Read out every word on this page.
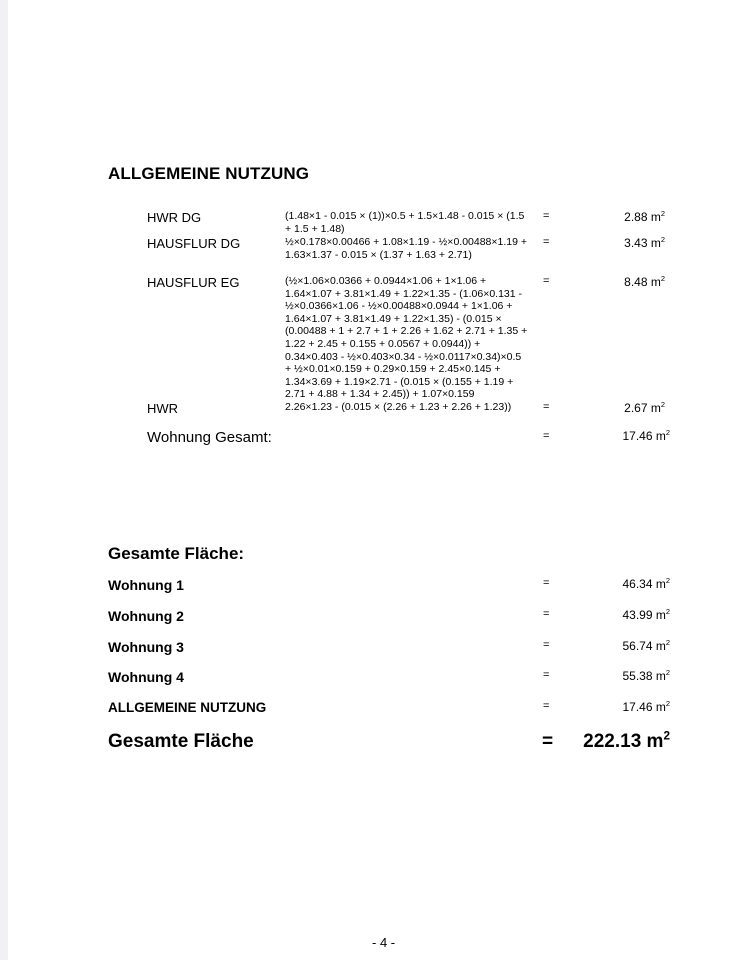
ALLGEMEINE NUTZUNG
HWR DG	(1.48×1 - 0.015 × (1))×0.5 + 1.5×1.48 - 0.015 × (1.5
+ 1.5 + 1.48)
=	2.88 $m^2$
HAUSFLUR DG	½×0.178×0.00466 + 1.08×1.19 - ½×0.00488×1.19 +
1.63×1.37 - 0.015 × (1.37 + 1.63 + 2.71)
=	3.43 $m^2$
HAUSFLUR EG	(½×1.06×0.0366 + 0.0944×1.06 + 1×1.06 +
1.64×1.07 + 3.81×1.49 + 1.22×1.35 - (1.06×0.131 -
½×0.0366×1.06 - ½×0.00488×0.0944 + 1×1.06 +
1.64×1.07 + 3.81×1.49 + 1.22×1.35) - (0.015 ×
(0.00488 + 1 + 2.7 + 1 + 2.26 + 1.62 + 2.71 + 1.35 +
1.22 + 2.45 + 0.155 + 0.0567 + 0.0944)) +
0.34×0.403 - ½×0.403×0.34 - ½×0.0117×0.34)×0.5
+ ½×0.01×0.159 + 0.29×0.159 + 2.45×0.145 +
1.34×3.69 + 1.19×2.71 - (0.015 × (0.155 + 1.19 +
2.71 + 4.88 + 1.34 + 2.45)) + 1.07×0.159
=	8.48 $m^2$
HWR	2.26×1.23 - (0.015 × (2.26 + 1.23 + 2.26 + 1.23))	=	2.67 $m^2$
Wohnung Gesamt:	=	17.46 $m^2$
Gesamte Fläche:
Wohnung 1	=	46.34 $m^2$
Wohnung 2	=	43.99 $m^2$
Wohnung 3	=	56.74 $m^2$
Wohnung 4	=	55.38 $m^2$
ALLGEMEINE NUTZUNG	=	17.46 $m^2$
Gesamte Fläche	=	222.13 $m^2$
- 4 -
